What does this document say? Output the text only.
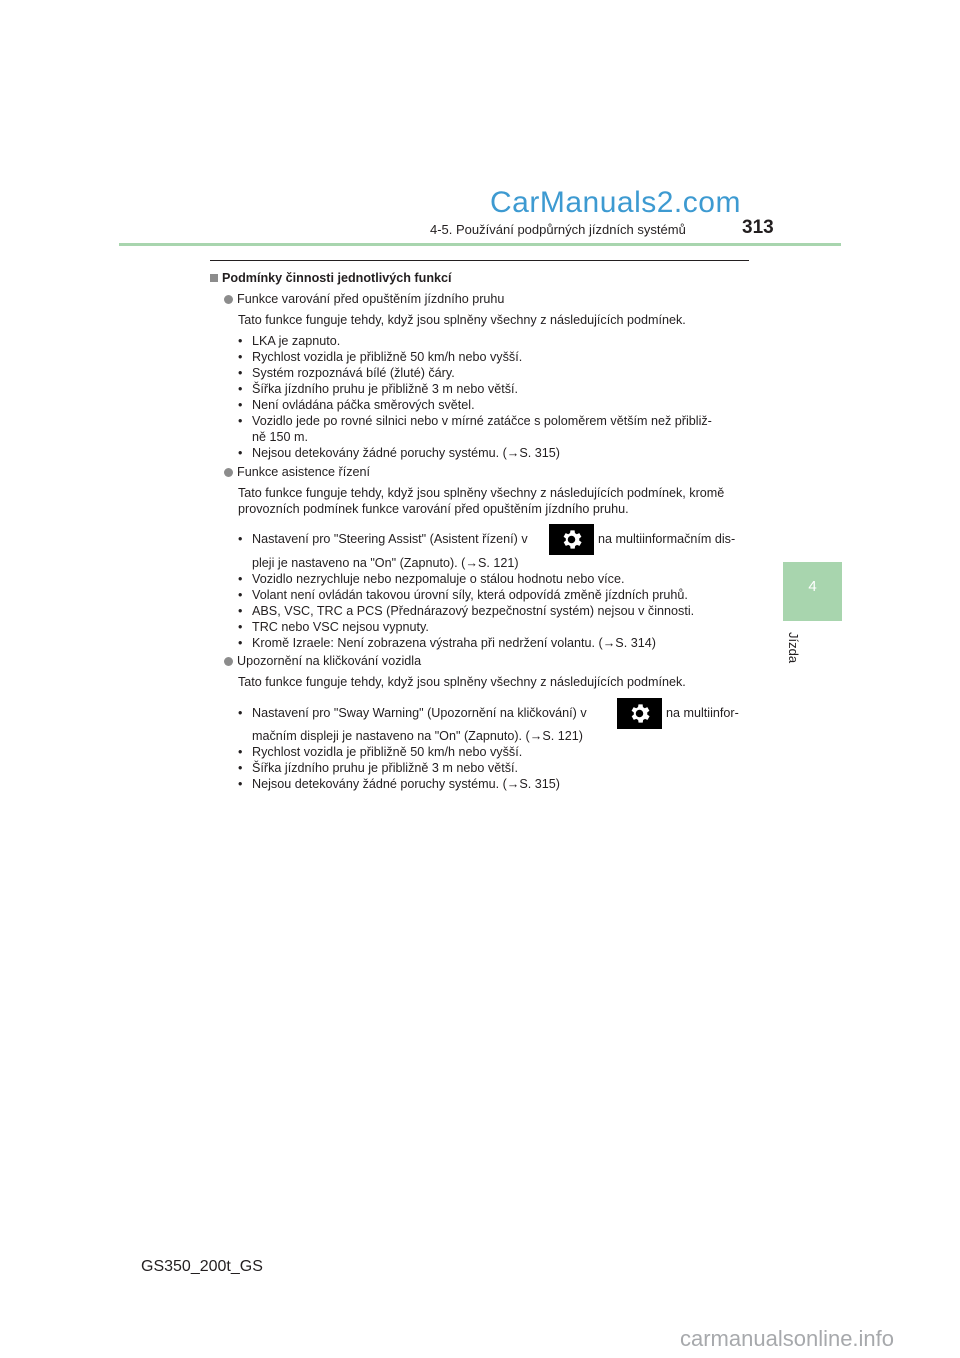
CarManuals2.com
4-5. Používání podpůrných jízdních systémů	313
4
Jízda
Podmínky činnosti jednotlivých funkcí
Funkce varování před opuštěním jízdního pruhu
Tato funkce funguje tehdy, když jsou splněny všechny z následujících podmínek.
• LKA je zapnuto.
• Rychlost vozidla je přibližně 50 km/h nebo vyšší.
• Systém rozpoznává bílé (žluté) čáry.
• Šířka jízdního pruhu je přibližně 3 m nebo větší.
• Není ovládána páčka směrových světel.
• Vozidlo jede po rovné silnici nebo v mírné zatáčce s poloměrem větším než přibliž-
ně 150 m.
• Nejsou detekovány žádné poruchy systému. (→S. 315)
Funkce asistence řízení
Tato funkce funguje tehdy, když jsou splněny všechny z následujících podmínek, kromě
provozních podmínek funkce varování před opuštěním jízdního pruhu.
• Nastavení pro "Steering Assist" (Asistent řízení) v	na multiinformačním dis-
pleji je nastaveno na "On" (Zapnuto). (→S. 121)
• Vozidlo nezrychluje nebo nezpomaluje o stálou hodnotu nebo více.
• Volant není ovládán takovou úrovní síly, která odpovídá změně jízdních pruhů.
• ABS, VSC, TRC a PCS (Přednárazový bezpečnostní systém) nejsou v činnosti.
• TRC nebo VSC nejsou vypnuty.
• Kromě Izraele: Není zobrazena výstraha při nedržení volantu. (→S. 314)
Upozornění na kličkování vozidla
Tato funkce funguje tehdy, když jsou splněny všechny z následujících podmínek.
• Nastavení pro "Sway Warning" (Upozornění na kličkování) v	na multiinfor-
mačním displeji je nastaveno na "On" (Zapnuto). (→S. 121)
• Rychlost vozidla je přibližně 50 km/h nebo vyšší.
• Šířka jízdního pruhu je přibližně 3 m nebo větší.
• Nejsou detekovány žádné poruchy systému. (→S. 315)
GS350_200t_GS
carmanualsonline.info
